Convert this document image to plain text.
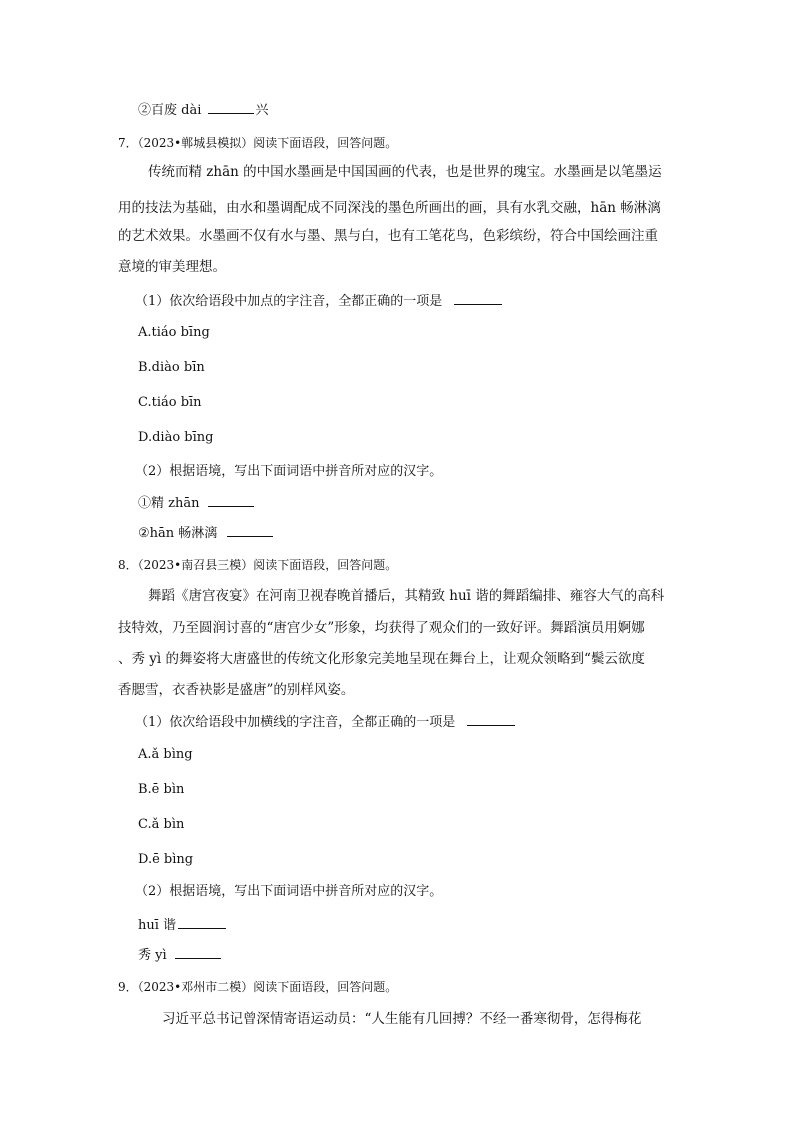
②百废 dài	兴
7．（2023•郸城县模拟）阅读下面语段，回答问题。
传统而精 zhān 的中国水墨画是中国国画的代表，也是世界的瑰宝。水墨画是以笔墨运
用的技法为基础，由水和墨调配成不同深浅的墨色所画出的画，具有水乳交融，hān 畅淋漓
的艺术效果。水墨画不仅有水与墨、黑与白，也有工笔花鸟，色彩缤纷，符合中国绘画注重
意境的审美理想。
（1）依次给语段中加点的字注音，全都正确的一项是
A.tiáo bīng
B.diào bīn
C.tiáo bīn
D.diào bīng
（2）根据语境，写出下面词语中拼音所对应的汉字。
①精 zhān
②hān 畅淋漓
8．（2023•南召县三模）阅读下面语段，回答问题。
舞蹈《唐宫夜宴》在河南卫视春晚首播后，其精致 huī 谐的舞蹈编排、雍容大气的高科
技特效，乃至圆润讨喜的“唐宫少女”形象，均获得了观众们的一致好评。舞蹈演员用婀娜
、秀 yì 的舞姿将大唐盛世的传统文化形象完美地呈现在舞台上，让观众领略到“鬓云欲度
香腮雪，衣香袂影是盛唐”的别样风姿。
（1）依次给语段中加横线的字注音，全都正确的一项是
A.ǎ bìng
B.ē bìn
C.ǎ bìn
D.ē bìng
（2）根据语境，写出下面词语中拼音所对应的汉字。
huī 谐
秀 yì
9．（2023•邓州市二模）阅读下面语段，回答问题。
习近平总书记曾深情寄语运动员：“人生能有几回搏？不经一番寒彻骨，怎得梅花
